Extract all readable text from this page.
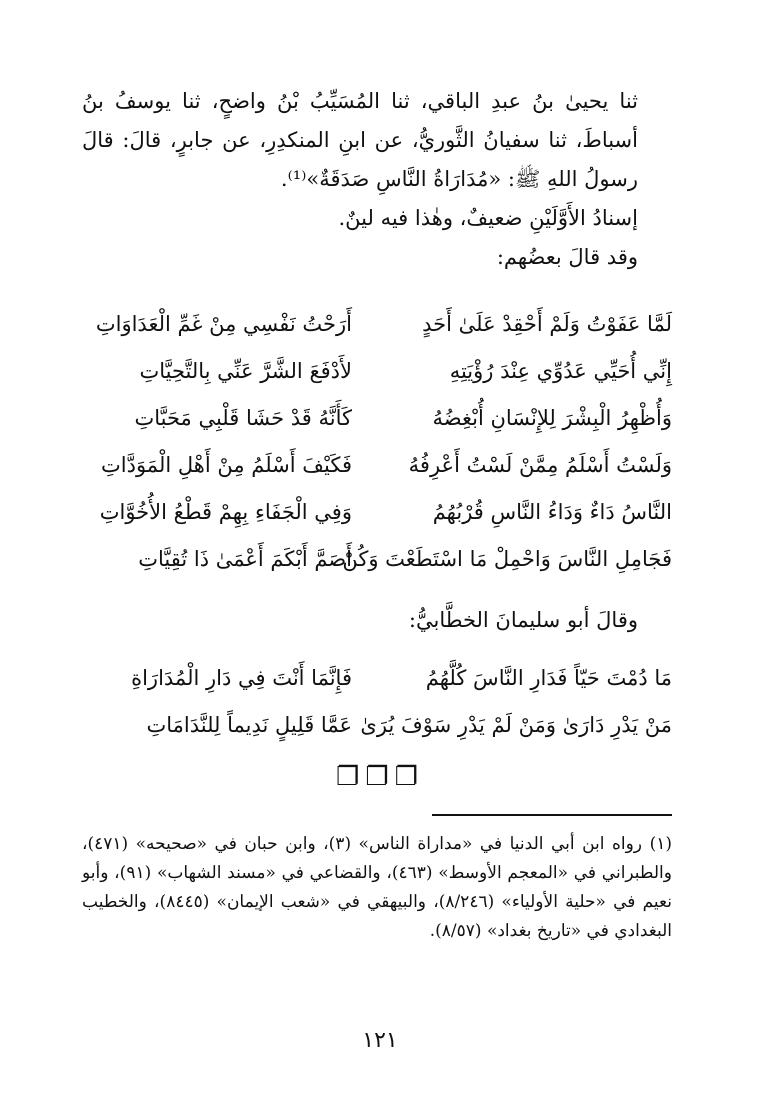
ثنا يحيىٰ بنُ عبدِ الباقي، ثنا المُسَيِّبُ بْنُ واضحٍ، ثنا يوسفُ بنُ أسباطَ، ثنا سفيانُ الثَّوريُّ، عن ابنِ المنكدِرِ، عن جابرٍ، قالَ: قالَ رسولُ اللهِ ﷺ: «مُدَارَاةُ النَّاسِ صَدَقَةٌ»⁽¹⁾.

إسنادُ الأَوَّلَيْنِ ضعيفٌ، وهٰذا فيه لينٌ.

وقد قالَ بعضُهم:

لَمَّا عَفَوْتُ وَلَمْ أَحْقِدْ عَلَىٰ أَحَدٍ
أَرَحْتُ نَفْسِي مِنْ غَمِّ الْعَدَاوَاتِ
إِنِّي أُحَيِّي عَدُوِّي عِنْدَ رُؤْيَتِهِ
لأَدْفَعَ الشَّرَّ عَنِّي بِالتَّحِيَّاتِ
وَأُظْهِرُ الْبِشْرَ لِلإِنْسَانِ أُبْغِضُهُ
كَأَنَّهُ قَدْ حَشَا قَلْبِي مَحَبَّاتِ
وَلَسْتُ أَسْلَمُ مِمَّنْ لَسْتُ أَعْرِفُهُ
فَكَيْفَ أَسْلَمُ مِنْ أَهْلِ الْمَوَدَّاتِ
النَّاسُ دَاءٌ وَدَاءُ النَّاسِ قُرْبُهُمُ
وَفِي الْجَفَاءِ بِهِمْ قَطْعُ الأُخُوَّاتِ
فَجَامِلِ النَّاسَ وَاحْمِلْ مَا اسْتَطَعْتَ وَكُنْ
أَصَمَّ أَبْكَمَ أَعْمَىٰ ذَا تُقِيَّاتِ
وقالَ أبو سليمانَ الخطَّابيُّ:
مَا دُمْتَ حَيّاً فَدَارِ النَّاسَ كُلَّهُمُ
فَإِنَّمَا أَنْتَ فِي دَارِ الْمُدَارَاةِ
مَنْ يَدْرِ دَارَىٰ وَمَنْ لَمْ يَدْرِ سَوْفَ يُرَىٰ
عَمَّا قَلِيلٍ نَدِيماً لِلنَّدَامَاتِ
❐❐❐
(١)رواه ابن أبي الدنيا في «مداراة الناس» (٣)، وابن حبان في «صحيحه» (٤٧١)، والطبراني في «المعجم الأوسط» (٤٦٣)، والقضاعي في «مسند الشهاب» (٩١)، وأبو نعيم في «حلية الأولياء» (٨/٢٤٦)، والبيهقي في «شعب الإيمان» (٨٤٤٥)، والخطيب البغدادي في «تاريخ بغداد» (٨/٥٧).
١٢١
